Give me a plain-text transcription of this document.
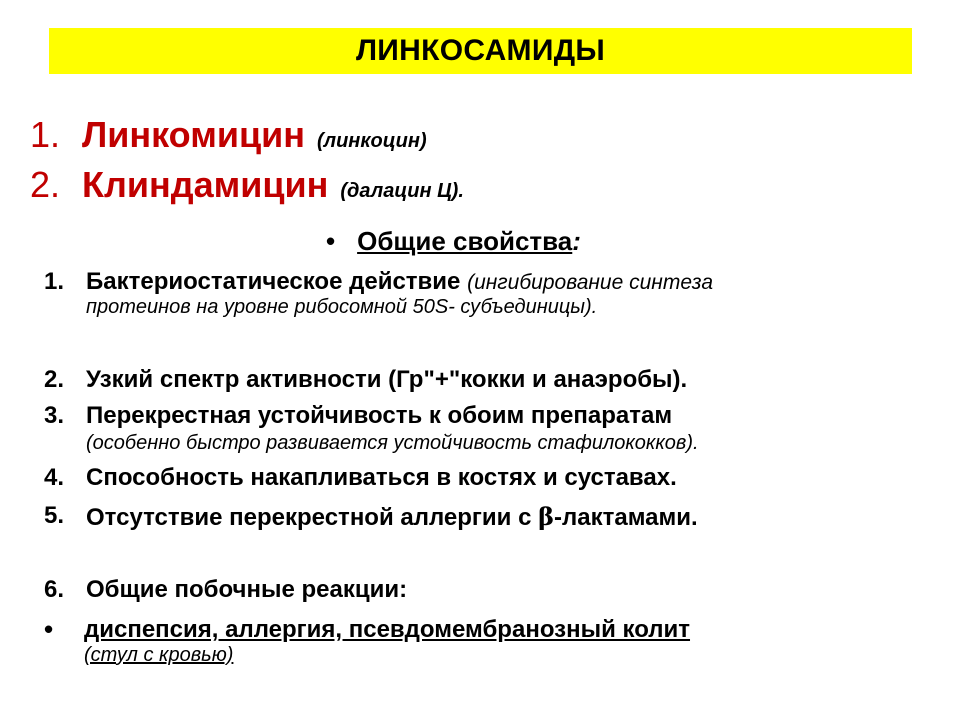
ЛИНКОСАМИДЫ
1. Линкомицин (линкоцин)
2. Клиндамицин (далацин Ц).
• Общие свойства :
1. Бактериостатическое действие (ингибирование синтеза
протеинов на уровне рибосомной 50S- субъединицы).
2. Узкий спектр активности (Гр"+"кокки и анаэробы).
3. Перекрестная устойчивость к обоим препаратам
(особенно быстро развивается устойчивость стафилококков).
4. Способность накапливаться в костях и суставах.
5. Отсутствие перекрестной аллергии с β-лактамами.
6. Общие побочные реакции:
• диспепсия, аллергия, псевдомембранозный колит
(стул с кровью)
